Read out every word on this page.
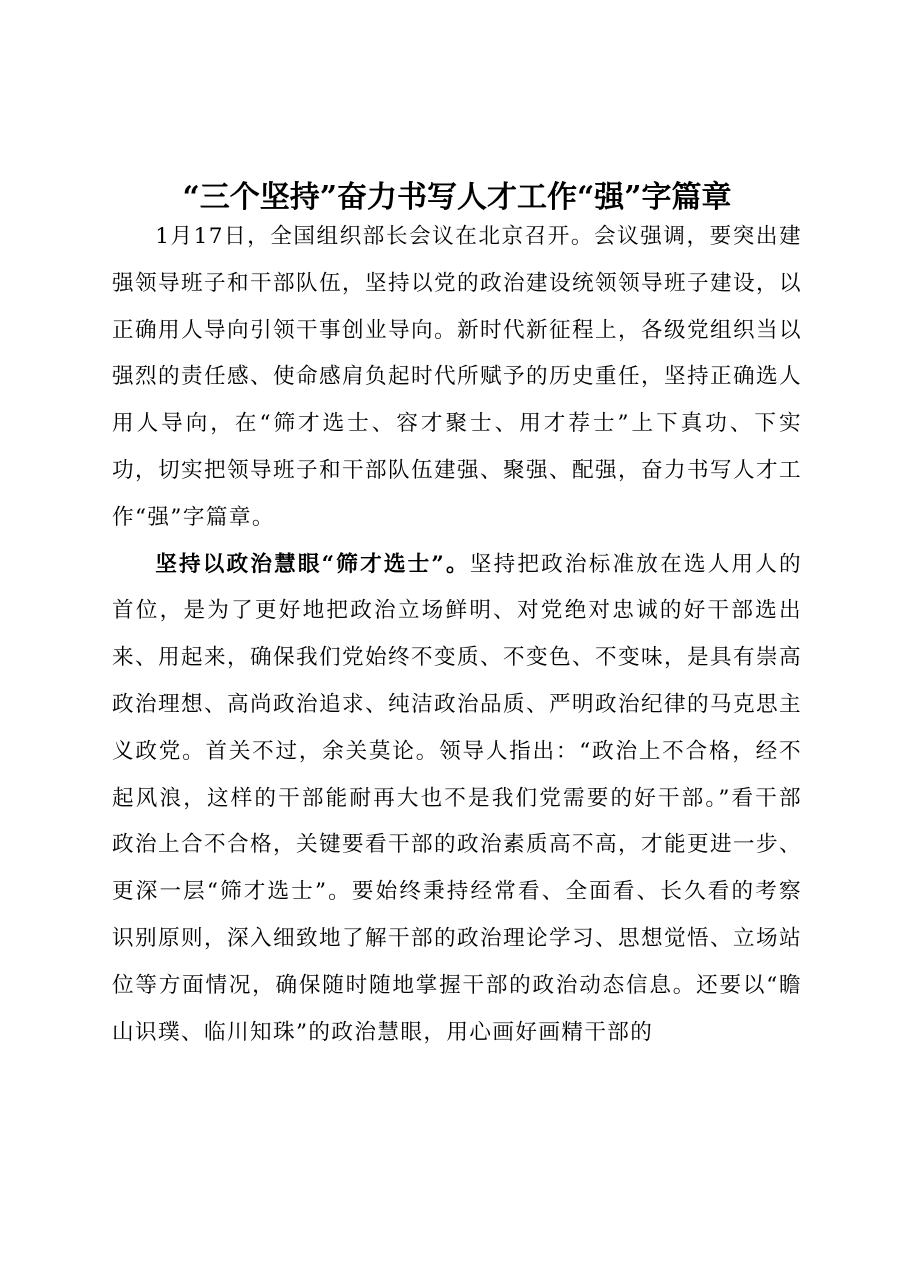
“三个坚持”奋力书写人才工作“强”字篇章

1月17日，全国组织部长会议在北京召开。会议强调，要突出建强领导班子和干部队伍，坚持以党的政治建设统领领导班子建设，以正确用人导向引领干事创业导向。新时代新征程上，各级党组织当以强烈的责任感、使命感肩负起时代所赋予的历史重任，坚持正确选人用人导向，在“筛才选士、容才聚士、用才荐士”上下真功、下实功，切实把领导班子和干部队伍建强、聚强、配强，奋力书写人才工作“强”字篇章。

坚持以政治慧眼“筛才选士”。坚持把政治标准放在选人用人的首位，是为了更好地把政治立场鲜明、对党绝对忠诚的好干部选出来、用起来，确保我们党始终不变质、不变色、不变味，是具有崇高政治理想、高尚政治追求、纯洁政治品质、严明政治纪律的马克思主义政党。首关不过，余关莫论。领导人指出：“政治上不合格，经不起风浪，这样的干部能耐再大也不是我们党需要的好干部。”看干部政治上合不合格，关键要看干部的政治素质高不高，才能更进一步、更深一层“筛才选士”。要始终秉持经常看、全面看、长久看的考察识别原则，深入细致地了解干部的政治理论学习、思想觉悟、立场站位等方面情况，确保随时随地掌握干部的政治动态信息。还要以“瞻山识璞、临川知珠”的政治慧眼，用心画好画精干部的
